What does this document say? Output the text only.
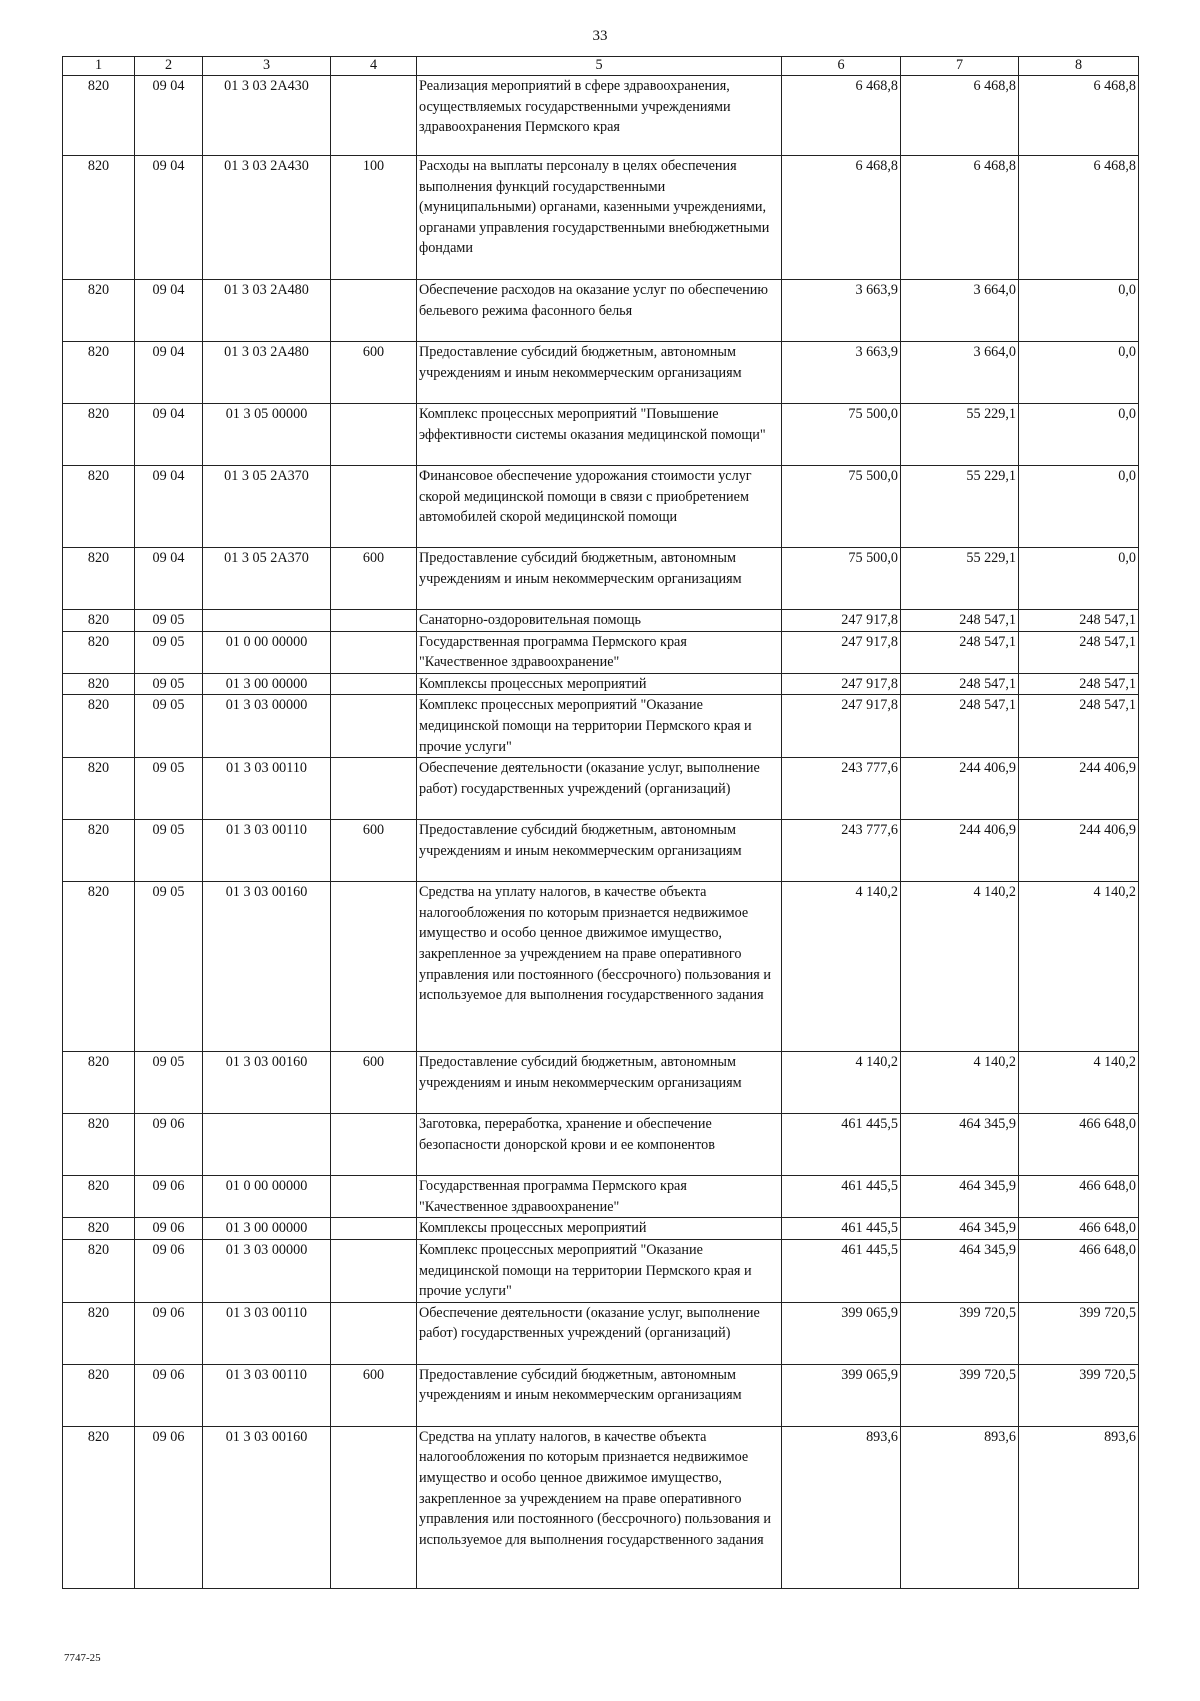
33
1	2	3	4	5	6	7	8
820	09 04	01 3 03 2А430		Реализация мероприятий в сфере здравоохранения, осуществляемых государственными учреждениями здравоохранения Пермского края	6 468,8	6 468,8	6 468,8
820	09 04	01 3 03 2А430	100	Расходы на выплаты персоналу в целях обеспечения выполнения функций государственными (муниципальными) органами, казенными учреждениями, органами управления государственными внебюджетными фондами	6 468,8	6 468,8	6 468,8
820	09 04	01 3 03 2А480		Обеспечение расходов на оказание услуг по обеспечению бельевого режима фасонного белья	3 663,9	3 664,0	0,0
820	09 04	01 3 03 2А480	600	Предоставление субсидий бюджетным, автономным учреждениям и иным некоммерческим организациям	3 663,9	3 664,0	0,0
820	09 04	01 3 05 00000		Комплекс процессных мероприятий "Повышение эффективности системы оказания медицинской помощи"	75 500,0	55 229,1	0,0
820	09 04	01 3 05 2А370		Финансовое обеспечение удорожания стоимости услуг скорой медицинской помощи в связи с приобретением автомобилей скорой медицинской помощи	75 500,0	55 229,1	0,0
820	09 04	01 3 05 2А370	600	Предоставление субсидий бюджетным, автономным учреждениям и иным некоммерческим организациям	75 500,0	55 229,1	0,0
820	09 05			Санаторно-оздоровительная помощь	247 917,8	248 547,1	248 547,1
820	09 05	01 0 00 00000		Государственная программа Пермского края "Качественное здравоохранение"	247 917,8	248 547,1	248 547,1
820	09 05	01 3 00 00000		Комплексы процессных мероприятий	247 917,8	248 547,1	248 547,1
820	09 05	01 3 03 00000		Комплекс процессных мероприятий "Оказание медицинской помощи на территории Пермского края и прочие услуги"	247 917,8	248 547,1	248 547,1
820	09 05	01 3 03 00110		Обеспечение деятельности (оказание услуг, выполнение работ) государственных учреждений (организаций)	243 777,6	244 406,9	244 406,9
820	09 05	01 3 03 00110	600	Предоставление субсидий бюджетным, автономным учреждениям и иным некоммерческим организациям	243 777,6	244 406,9	244 406,9
820	09 05	01 3 03 00160		Средства на уплату налогов, в качестве объекта налогообложения по которым признается недвижимое имущество и особо ценное движимое имущество, закрепленное за учреждением на праве оперативного управления или постоянного (бессрочного) пользования и используемое для выполнения государственного задания	4 140,2	4 140,2	4 140,2
820	09 05	01 3 03 00160	600	Предоставление субсидий бюджетным, автономным учреждениям и иным некоммерческим организациям	4 140,2	4 140,2	4 140,2
820	09 06			Заготовка, переработка, хранение и обеспечение безопасности донорской крови и ее компонентов	461 445,5	464 345,9	466 648,0
820	09 06	01 0 00 00000		Государственная программа Пермского края "Качественное здравоохранение"	461 445,5	464 345,9	466 648,0
820	09 06	01 3 00 00000		Комплексы процессных мероприятий	461 445,5	464 345,9	466 648,0
820	09 06	01 3 03 00000		Комплекс процессных мероприятий "Оказание медицинской помощи на территории Пермского края и прочие услуги"	461 445,5	464 345,9	466 648,0
820	09 06	01 3 03 00110		Обеспечение деятельности (оказание услуг, выполнение работ) государственных учреждений (организаций)	399 065,9	399 720,5	399 720,5
820	09 06	01 3 03 00110	600	Предоставление субсидий бюджетным, автономным учреждениям и иным некоммерческим организациям	399 065,9	399 720,5	399 720,5
820	09 06	01 3 03 00160		Средства на уплату налогов, в качестве объекта налогообложения по которым признается недвижимое имущество и особо ценное движимое имущество, закрепленное за учреждением на праве оперативного управления или постоянного (бессрочного) пользования и используемое для выполнения государственного задания	893,6	893,6	893,6
7747-25
